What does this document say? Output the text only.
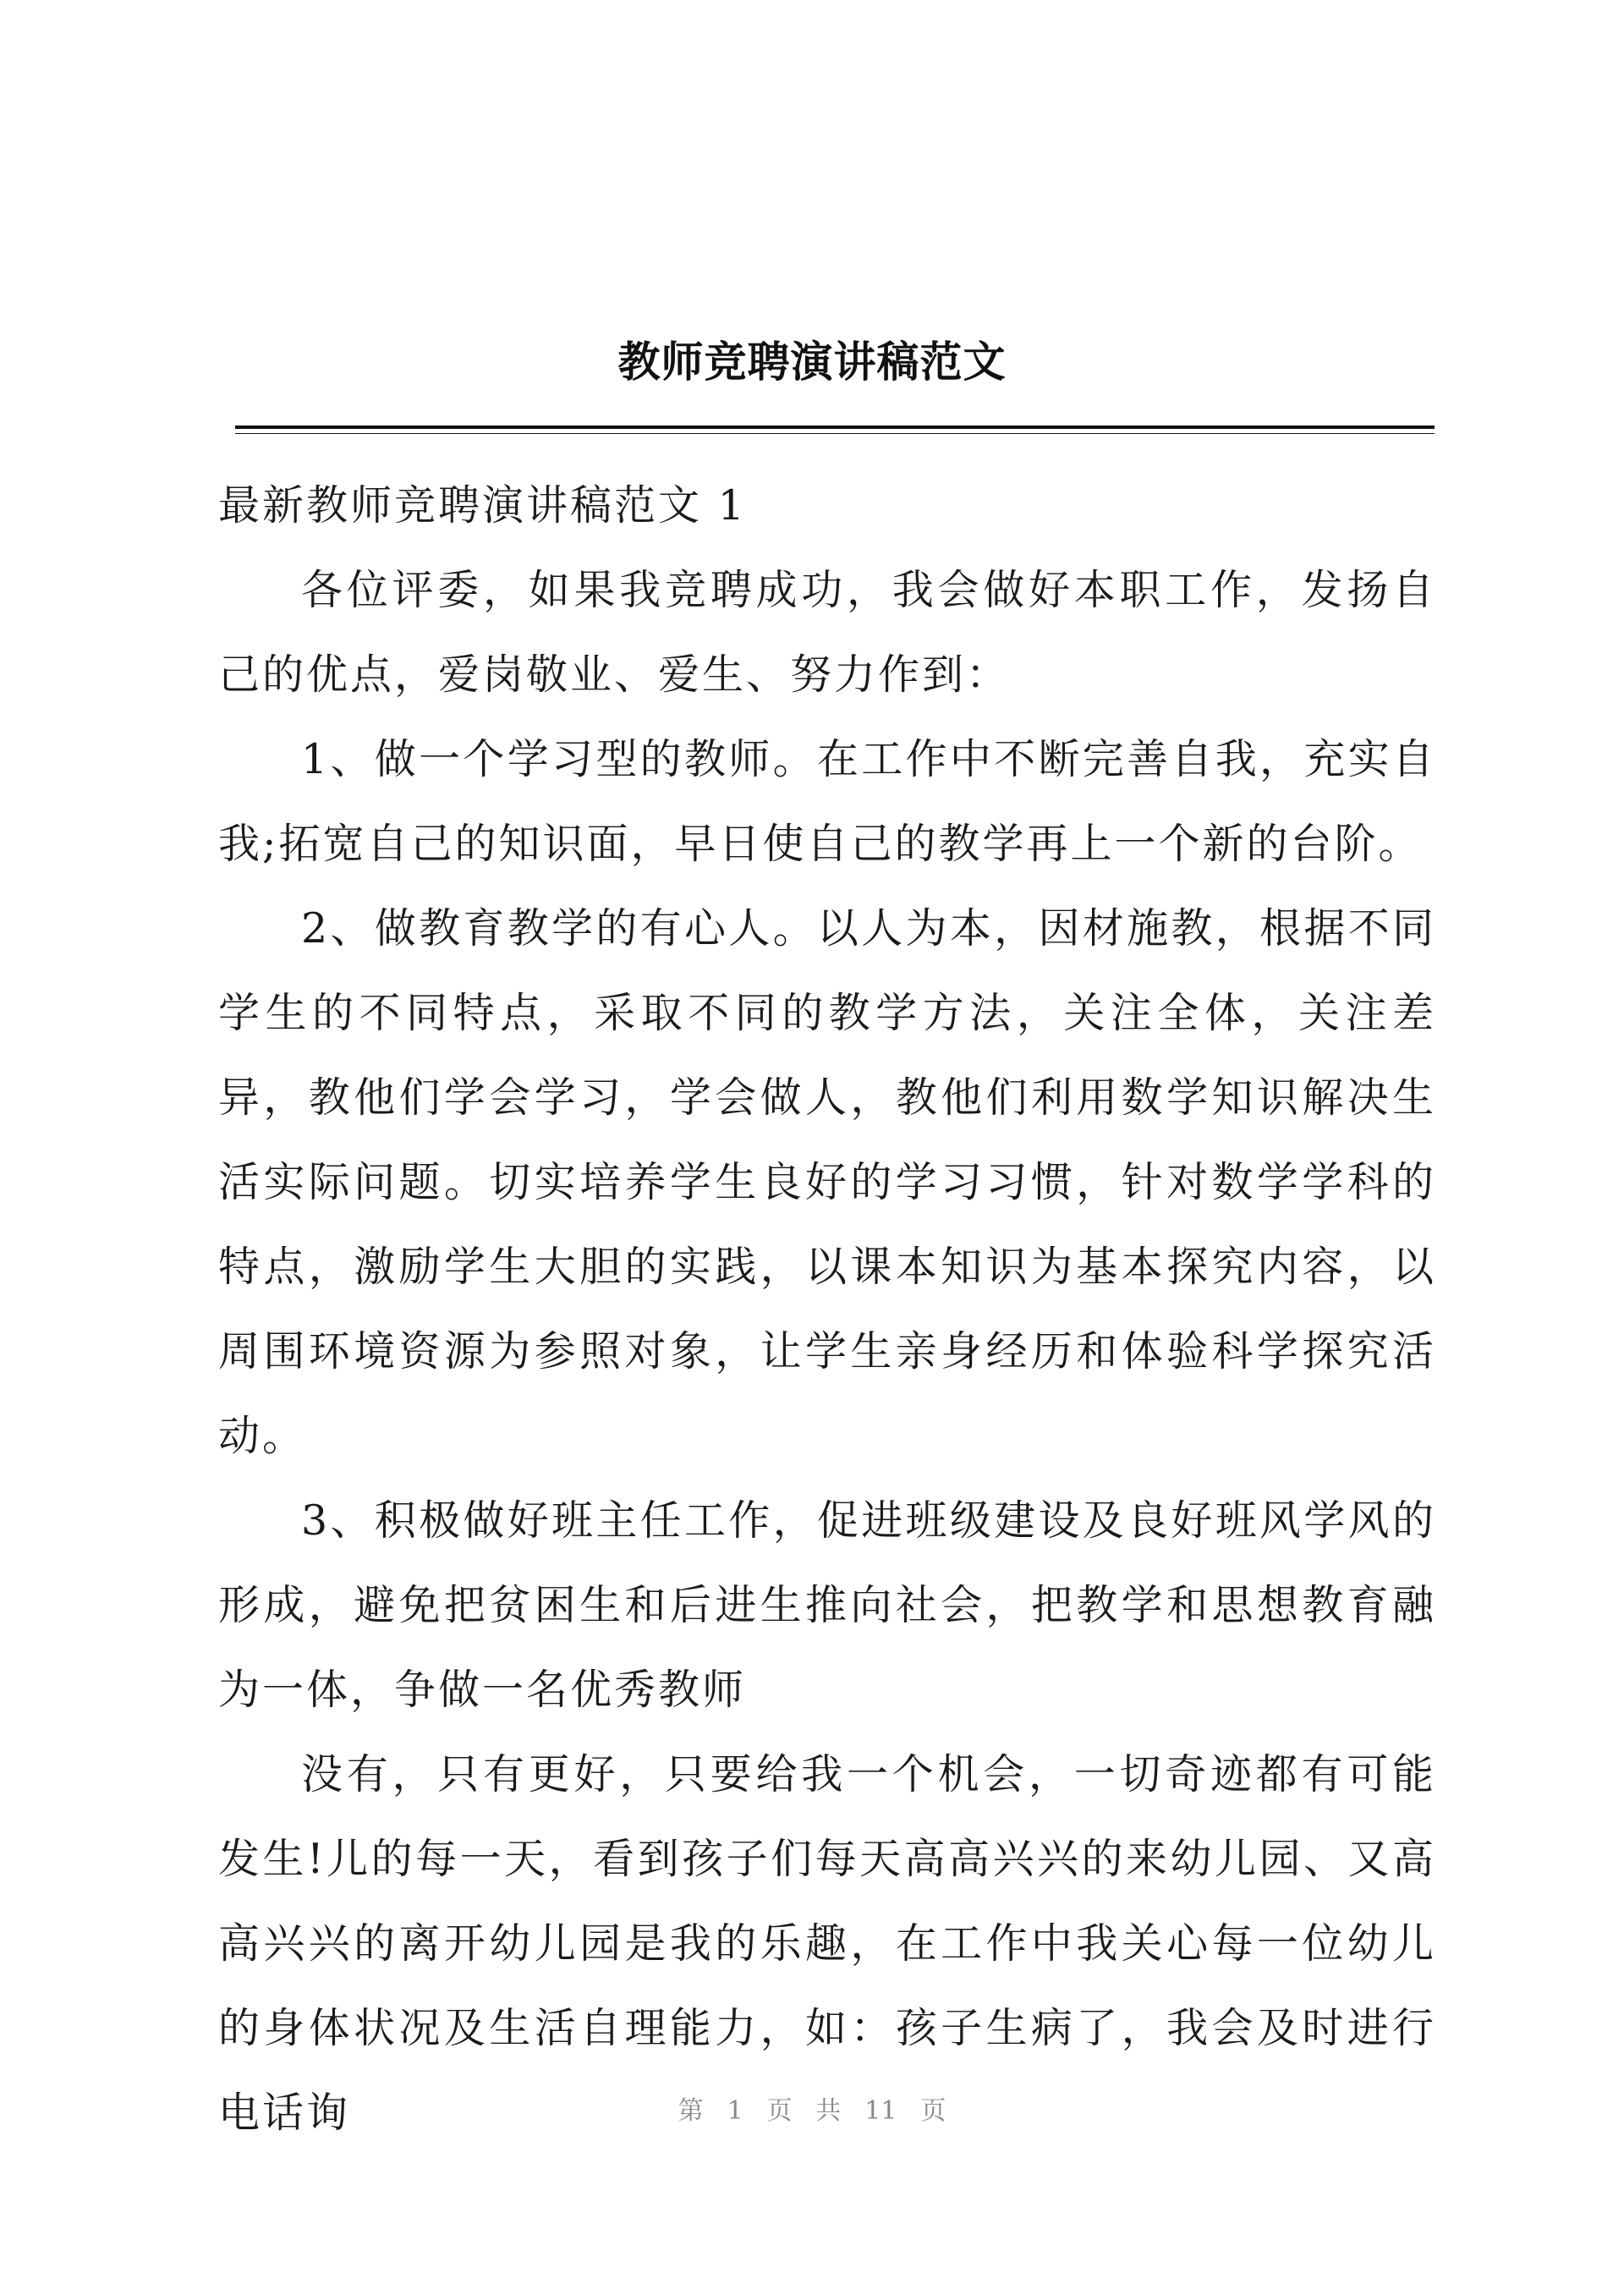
教师竞聘演讲稿范文

最新教师竞聘演讲稿范文 1

各位评委，如果我竞聘成功，我会做好本职工作，发扬自己的优点，爱岗敬业、爱生、努力作到：

1、做一个学习型的教师。在工作中不断完善自我，充实自我;拓宽自己的知识面，早日使自己的教学再上一个新的台阶。

2、做教育教学的有心人。以人为本，因材施教，根据不同学生的不同特点，采取不同的教学方法，关注全体，关注差异，教他们学会学习，学会做人，教他们利用数学知识解决生活实际问题。切实培养学生良好的学习习惯，针对数学学科的特点，激励学生大胆的实践，以课本知识为基本探究内容，以周围环境资源为参照对象，让学生亲身经历和体验科学探究活动。

3、积极做好班主任工作，促进班级建设及良好班风学风的形成，避免把贫困生和后进生推向社会，把教学和思想教育融为一体，争做一名优秀教师

没有，只有更好，只要给我一个机会，一切奇迹都有可能发生!儿的每一天，看到孩子们每天高高兴兴的来幼儿园、又高高兴兴的离开幼儿园是我的乐趣，在工作中我关心每一位幼儿的身体状况及生活自理能力，如：孩子生病了，我会及时进行电话询	第 1 页 共 11 页
